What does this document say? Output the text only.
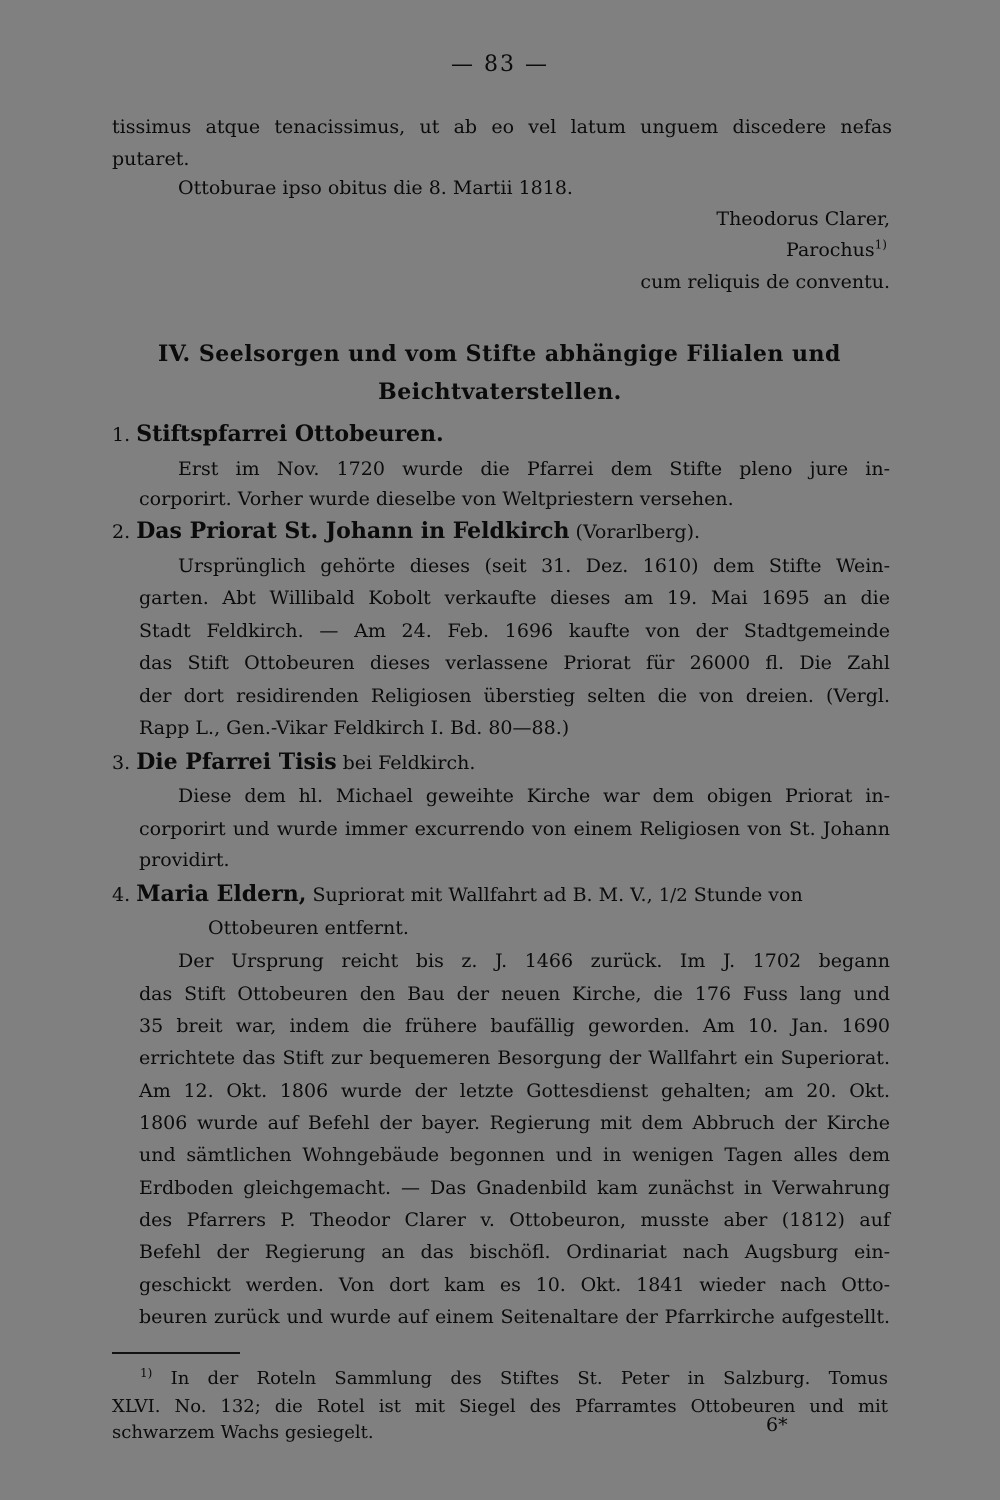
— 83 —
tissimus atque tenacissimus, ut ab eo vel latum unguem discedere nefas
putaret.
Ottoburae ipso obitus die 8. Martii 1818.
Theodorus Clarer,
Parochus$^{1)}$
cum reliquis de conventu.
IV. Seelsorgen und vom Stifte abhängige Filialen und
Beichtvaterstellen.
1. Stiftspfarrei Ottobeuren.
Erst im Nov. 1720 wurde die Pfarrei dem Stifte pleno jure in-
corporirt. Vorher wurde dieselbe von Weltpriestern versehen.
2. Das Priorat St. Johann in Feldkirch (Vorarlberg).
Ursprünglich gehörte dieses (seit 31. Dez. 1610) dem Stifte Wein-
garten. Abt Willibald Kobolt verkaufte dieses am 19. Mai 1695 an die
Stadt Feldkirch. — Am 24. Feb. 1696 kaufte von der Stadtgemeinde
das Stift Ottobeuren dieses verlassene Priorat für 26000 fl. Die Zahl
der dort residirenden Religiosen überstieg selten die von dreien. (Vergl.
Rapp L., Gen.-Vikar Feldkirch I. Bd. 80—88.)
3. Die Pfarrei Tisis bei Feldkirch.
Diese dem hl. Michael geweihte Kirche war dem obigen Priorat in-
corporirt und wurde immer excurrendo von einem Religiosen von St. Johann
providirt.
4. Maria Eldern, Supriorat mit Wallfahrt ad B. M. V., 1/2 Stunde von
Ottobeuren entfernt.
Der Ursprung reicht bis z. J. 1466 zurück. Im J. 1702 begann
das Stift Ottobeuren den Bau der neuen Kirche, die 176 Fuss lang und
35 breit war, indem die frühere baufällig geworden. Am 10. Jan. 1690
errichtete das Stift zur bequemeren Besorgung der Wallfahrt ein Superiorat.
Am 12. Okt. 1806 wurde der letzte Gottesdienst gehalten; am 20. Okt.
1806 wurde auf Befehl der bayer. Regierung mit dem Abbruch der Kirche
und sämtlichen Wohngebäude begonnen und in wenigen Tagen alles dem
Erdboden gleichgemacht. — Das Gnadenbild kam zunächst in Verwahrung
des Pfarrers P. Theodor Clarer v. Ottobeuron, musste aber (1812) auf
Befehl der Regierung an das bischöfl. Ordinariat nach Augsburg ein-
geschickt werden. Von dort kam es 10. Okt. 1841 wieder nach Otto-
beuren zurück und wurde auf einem Seitenaltare der Pfarrkirche aufgestellt.
$^{1)}$ In der Roteln Sammlung des Stiftes St. Peter in Salzburg. Tomus
XLVI. No. 132; die Rotel ist mit Siegel des Pfarramtes Ottobeuren und mit
schwarzem Wachs gesiegelt.	6*
